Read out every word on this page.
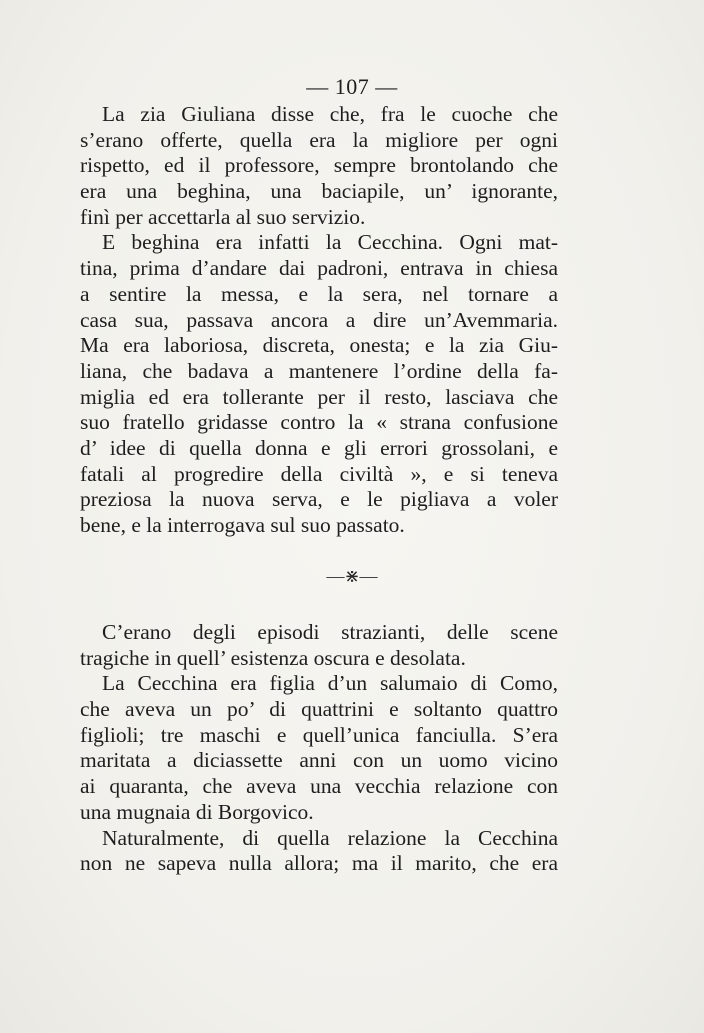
— 107 —
La zia Giuliana disse che, fra le cuoche che
s’erano offerte, quella era la migliore per ogni
rispetto, ed il professore, sempre brontolando che
era una beghina, una baciapile, un’ ignorante,
finì per accettarla al suo servizio.
E beghina era infatti la Cecchina. Ogni mat-
tina, prima d’andare dai padroni, entrava in chiesa
a sentire la messa, e la sera, nel tornare a
casa sua, passava ancora a dire un’Avemmaria.
Ma era laboriosa, discreta, onesta; e la zia Giu-
liana, che badava a mantenere l’ordine della fa-
miglia ed era tollerante per il resto, lasciava che
suo fratello gridasse contro la « strana confusione
d’ idee di quella donna e gli errori grossolani, e
fatali al progredire della civiltà », e si teneva
preziosa la nuova serva, e le pigliava a voler
bene, e la interrogava sul suo passato.
—⋇—
C’erano degli episodi strazianti, delle scene
tragiche in quell’ esistenza oscura e desolata.
La Cecchina era figlia d’un salumaio di Como,
che aveva un po’ di quattrini e soltanto quattro
figlioli; tre maschi e quell’unica fanciulla. S’era
maritata a diciassette anni con un uomo vicino
ai quaranta, che aveva una vecchia relazione con
una mugnaia di Borgovico.
Naturalmente, di quella relazione la Cecchina
non ne sapeva nulla allora; ma il marito, che era
